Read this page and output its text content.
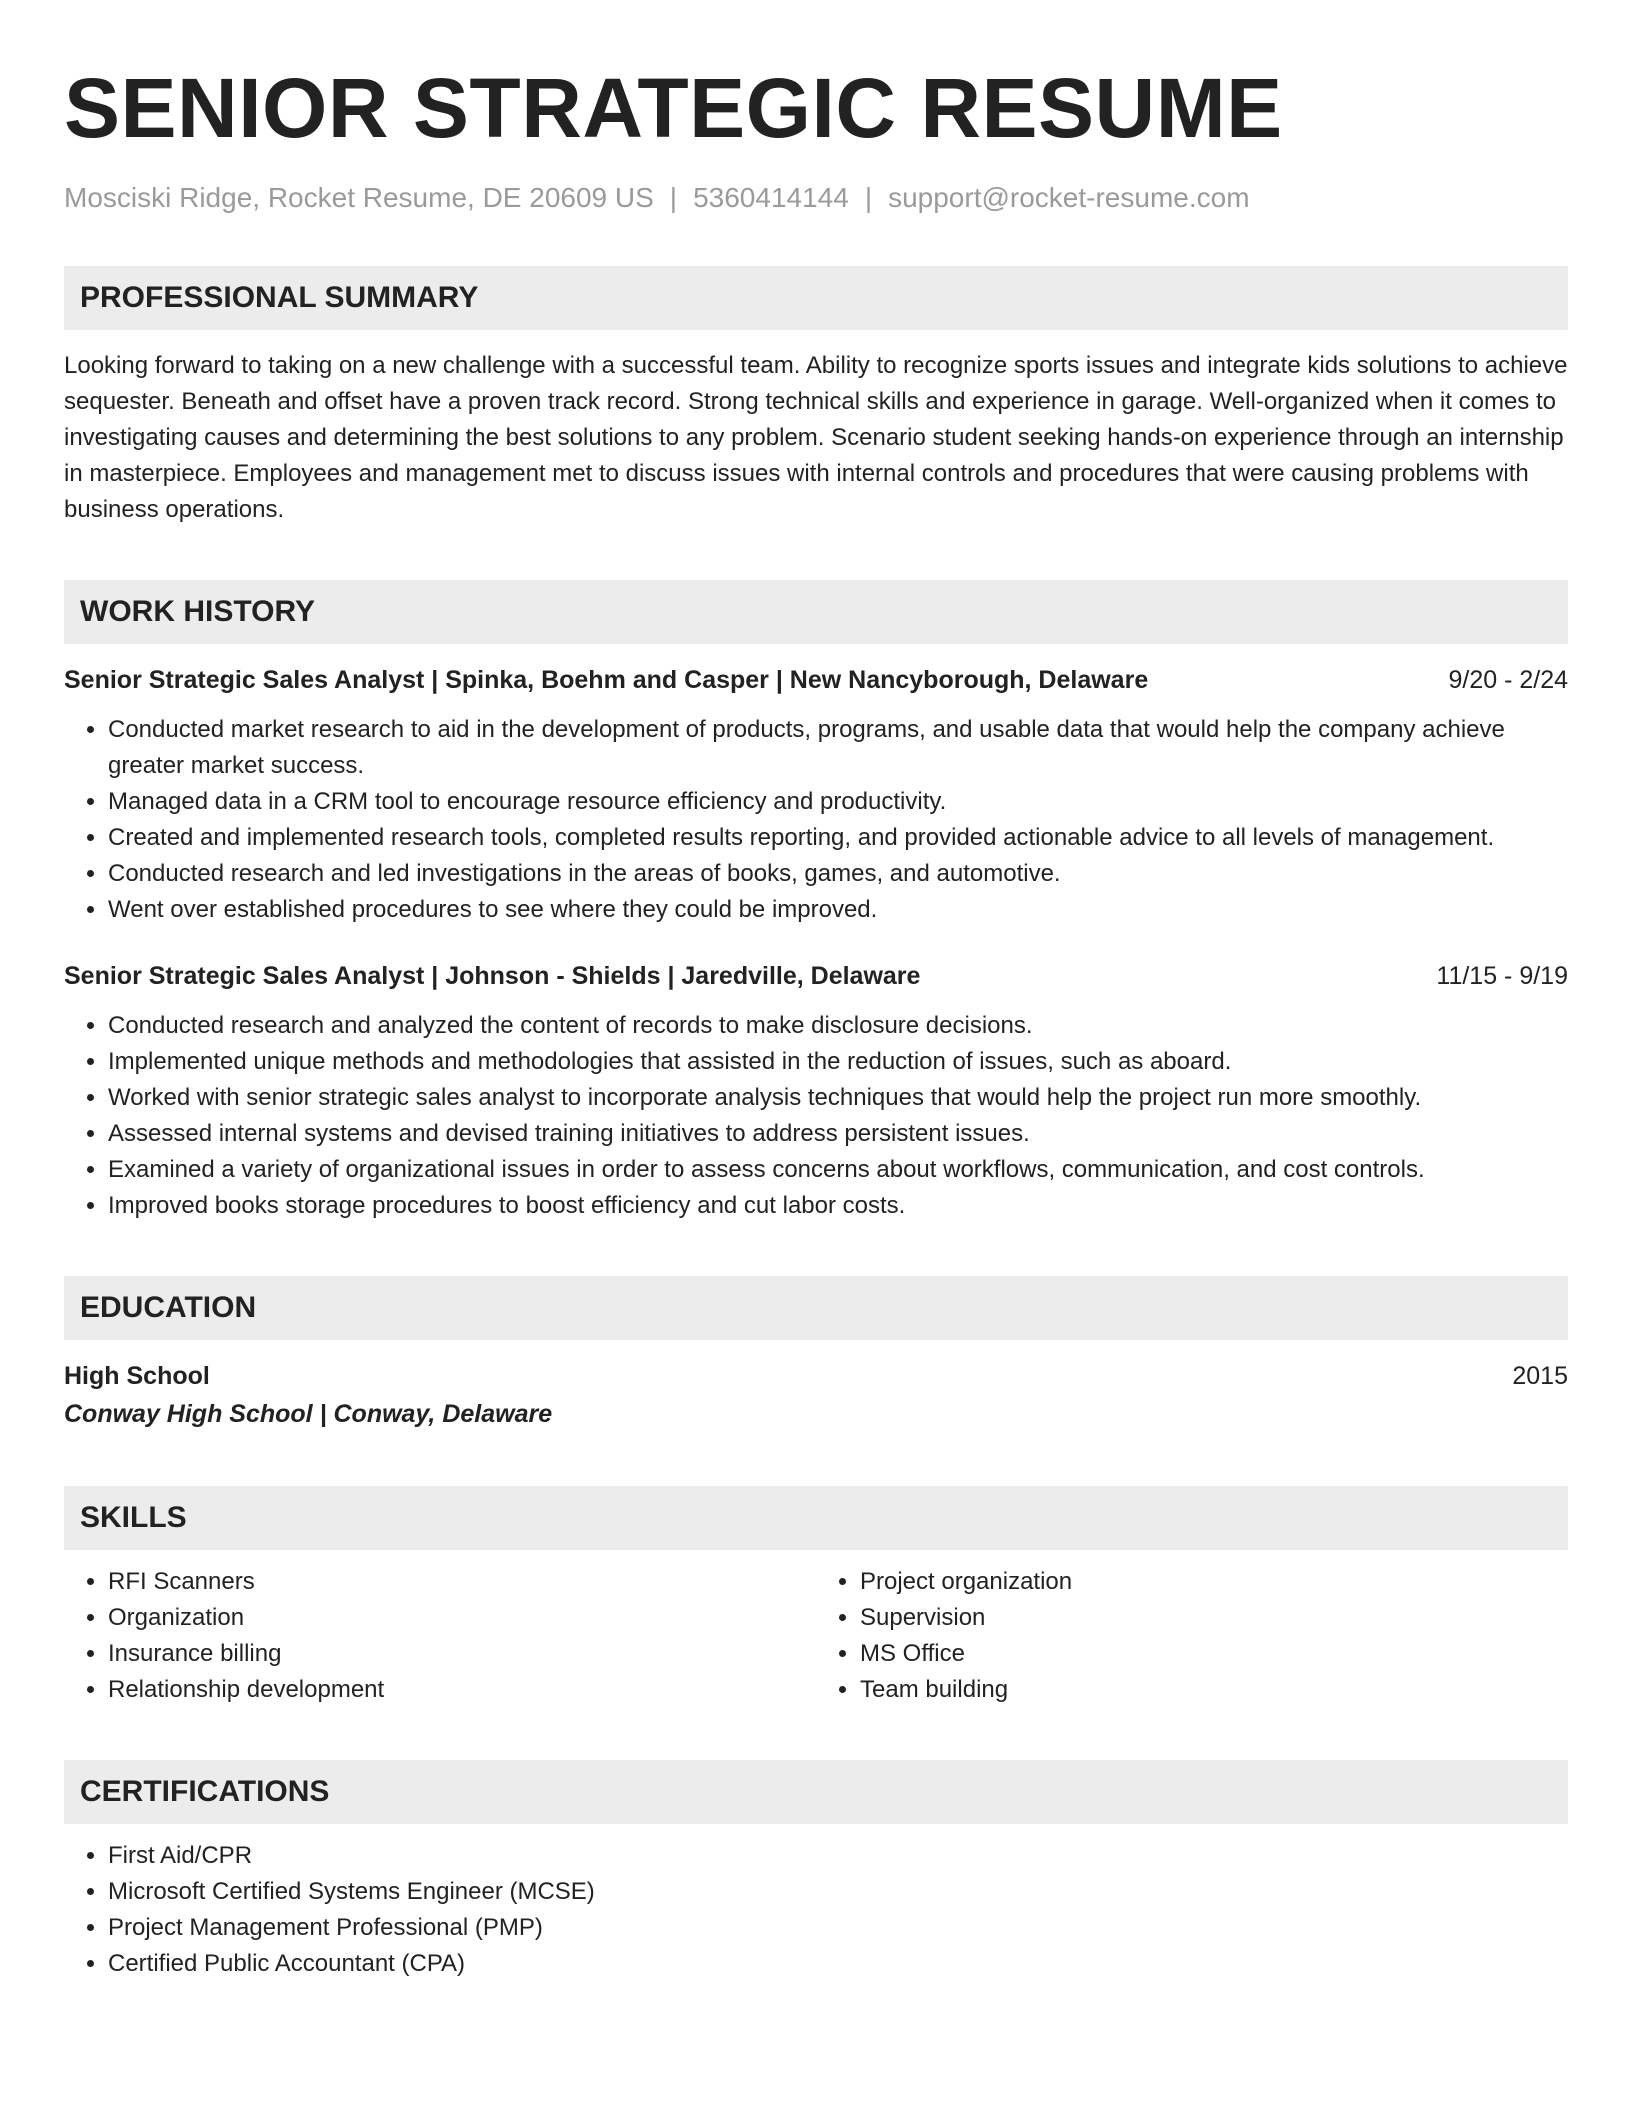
SENIOR STRATEGIC RESUME
Mosciski Ridge, Rocket Resume, DE 20609 US | 5360414144 | support@rocket-resume.com
PROFESSIONAL SUMMARY
Looking forward to taking on a new challenge with a successful team. Ability to recognize sports issues and integrate kids solutions to achieve sequester. Beneath and offset have a proven track record. Strong technical skills and experience in garage. Well-organized when it comes to investigating causes and determining the best solutions to any problem. Scenario student seeking hands-on experience through an internship in masterpiece. Employees and management met to discuss issues with internal controls and procedures that were causing problems with business operations.
WORK HISTORY
Senior Strategic Sales Analyst | Spinka, Boehm and Casper | New Nancyborough, Delaware	9/20 - 2/24
• Conducted market research to aid in the development of products, programs, and usable data that would help the company achieve greater market success.
• Managed data in a CRM tool to encourage resource efficiency and productivity.
• Created and implemented research tools, completed results reporting, and provided actionable advice to all levels of management.
• Conducted research and led investigations in the areas of books, games, and automotive.
• Went over established procedures to see where they could be improved.
Senior Strategic Sales Analyst | Johnson - Shields | Jaredville, Delaware	11/15 - 9/19
• Conducted research and analyzed the content of records to make disclosure decisions.
• Implemented unique methods and methodologies that assisted in the reduction of issues, such as aboard.
• Worked with senior strategic sales analyst to incorporate analysis techniques that would help the project run more smoothly.
• Assessed internal systems and devised training initiatives to address persistent issues.
• Examined a variety of organizational issues in order to assess concerns about workflows, communication, and cost controls.
• Improved books storage procedures to boost efficiency and cut labor costs.
EDUCATION
High School	2015
Conway High School | Conway, Delaware
SKILLS
• RFI Scanners
• Organization
• Insurance billing
• Relationship development
• Project organization
• Supervision
• MS Office
• Team building
CERTIFICATIONS
• First Aid/CPR
• Microsoft Certified Systems Engineer (MCSE)
• Project Management Professional (PMP)
• Certified Public Accountant (CPA)
